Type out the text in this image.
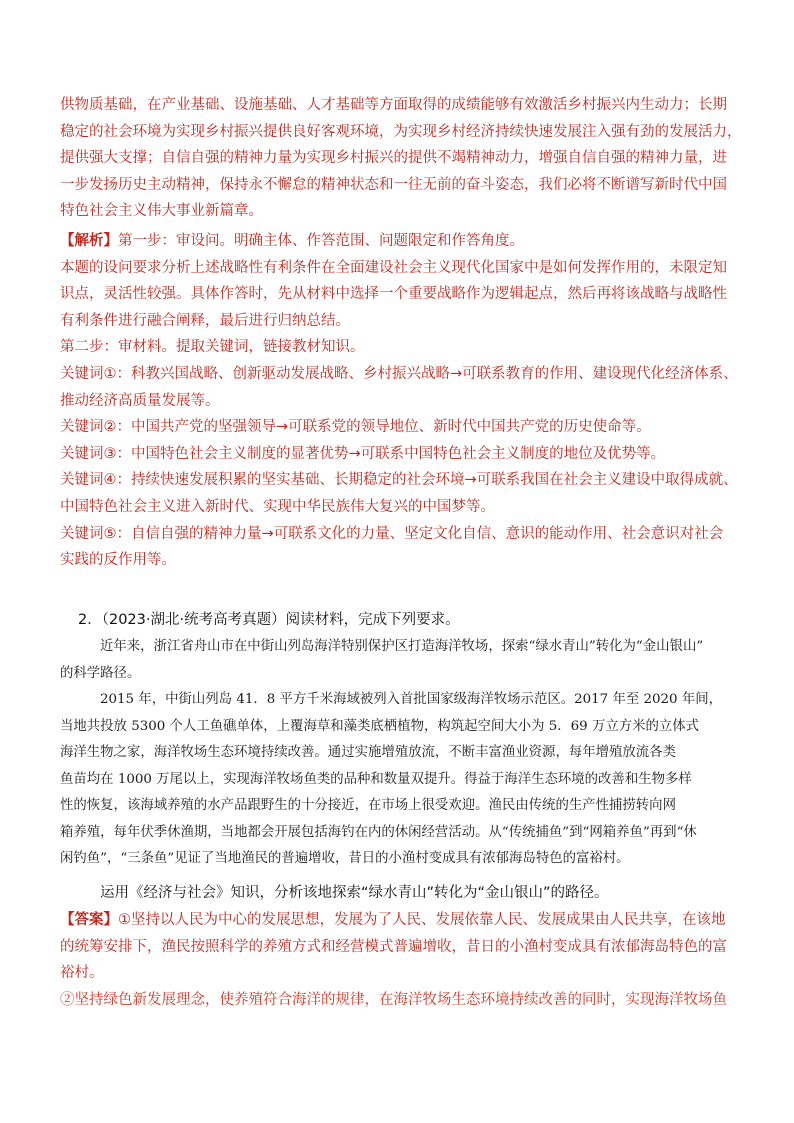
供物质基础，在产业基础、设施基础、人才基础等方面取得的成绩能够有效激活乡村振兴内生动力；长期
稳定的社会环境为实现乡村振兴提供良好客观环境，为实现乡村经济持续快速发展注入强有劲的发展活力，
提供强大支撑；自信自强的精神力量为实现乡村振兴的提供不竭精神动力，增强自信自强的精神力量，进
一步发扬历史主动精神，保持永不懈怠的精神状态和一往无前的奋斗姿态，我们必将不断谱写新时代中国
特色社会主义伟大事业新篇章。
【解析】第一步：审设问。明确主体、作答范围、问题限定和作答角度。
本题的设问要求分析上述战略性有利条件在全面建设社会主义现代化国家中是如何发挥作用的，未限定知
识点，灵活性较强。具体作答时，先从材料中选择一个重要战略作为逻辑起点，然后再将该战略与战略性
有利条件进行融合阐释，最后进行归纳总结。
第二步：审材料。提取关键词，链接教材知识。
关键词①：科教兴国战略、创新驱动发展战略、乡村振兴战略→可联系教育的作用、建设现代化经济体系、
推动经济高质量发展等。
关键词②：中国共产党的坚强领导→可联系党的领导地位、新时代中国共产党的历史使命等。
关键词③：中国特色社会主义制度的显著优势→可联系中国特色社会主义制度的地位及优势等。
关键词④：持续快速发展积累的坚实基础、长期稳定的社会环境→可联系我国在社会主义建设中取得成就、
中国特色社会主义进入新时代、实现中华民族伟大复兴的中国梦等。
关键词⑤：自信自强的精神力量→可联系文化的力量、坚定文化自信、意识的能动作用、社会意识对社会
实践的反作用等。
2．（2023·湖北·统考高考真题）阅读材料，完成下列要求。
近年来，浙江省舟山市在中街山列岛海洋特别保护区打造海洋牧场，探索“绿水青山”转化为“金山银山”
的科学路径。
2015 年，中街山列岛 41．8 平方千米海域被列入首批国家级海洋牧场示范区。2017 年至 2020 年间，
当地共投放 5300 个人工鱼礁单体，上覆海草和藻类底栖植物，构筑起空间大小为 5．69 万立方米的立体式
海洋生物之家，海洋牧场生态环境持续改善。通过实施增殖放流，不断丰富渔业资源，每年增殖放流各类
鱼苗均在 1000 万尾以上，实现海洋牧场鱼类的品种和数量双提升。得益于海洋生态环境的改善和生物多样
性的恢复，该海域养殖的水产品跟野生的十分接近，在市场上很受欢迎。渔民由传统的生产性捕捞转向网
箱养殖，每年伏季休渔期，当地都会开展包括海钓在内的休闲经营活动。从“传统捕鱼”到“网箱养鱼”再到“休
闲钓鱼”，“三条鱼”见证了当地渔民的普遍增收，昔日的小渔村变成具有浓郁海岛特色的富裕村。
运用《经济与社会》知识，分析该地探索“绿水青山”转化为“金山银山”的路径。
【答案】①坚持以人民为中心的发展思想，发展为了人民、发展依靠人民、发展成果由人民共享，在该地
的统筹安排下，渔民按照科学的养殖方式和经营模式普遍增收，昔日的小渔村变成具有浓郁海岛特色的富
裕村。
②坚持绿色新发展理念，使养殖符合海洋的规律，在海洋牧场生态环境持续改善的同时，实现海洋牧场鱼
